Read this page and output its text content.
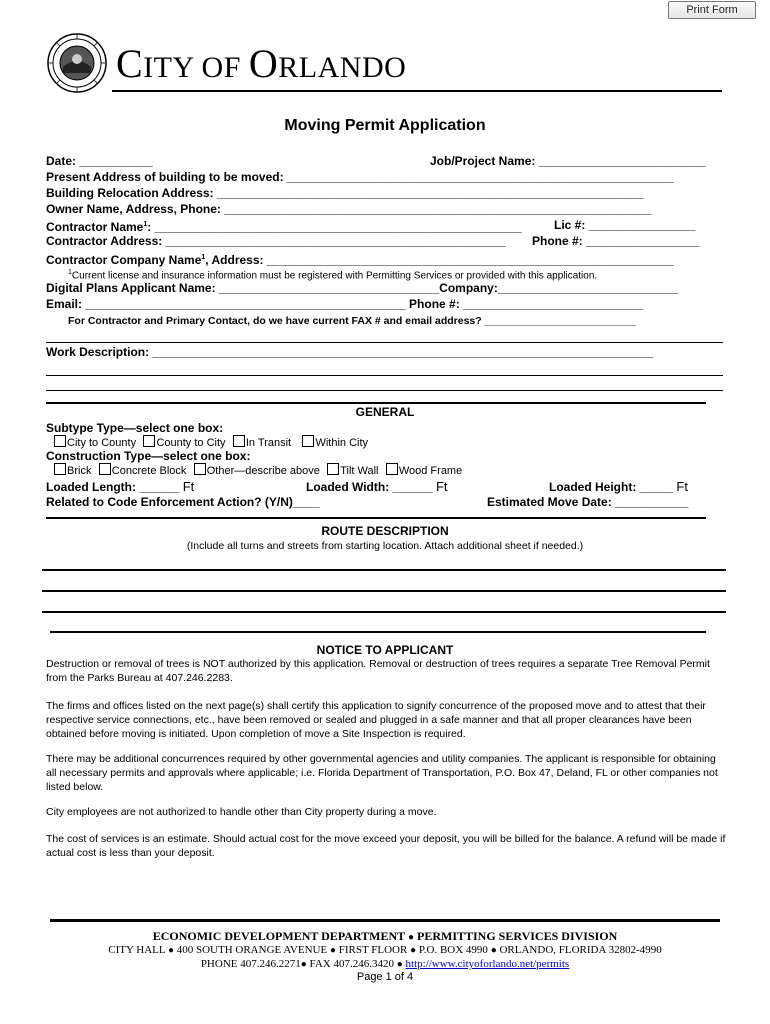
Print Form
CITY OF ORLANDO
Moving Permit Application
Date: ___________	Job/Project Name: _________________________
Present Address of building to be moved: __________________________________________________________
Building Relocation Address: ________________________________________________________________
Owner Name, Address, Phone: ________________________________________________________________
Contractor Name$^1$: _______________________________________________________	Lic #: ________________
Contractor Address: ___________________________________________________ Phone #: _________________
Contractor Company Name$^1$, Address: _____________________________________________________________
$^1$Current license and insurance information must be registered with Permitting Services or provided with this application.
Digital Plans Applicant Name: _________________________________Company:___________________________
Email: ________________________________________________ Phone #: ___________________________
For Contractor and Primary Contact, do we have current FAX # and email address? __________________________
Work Description: ___________________________________________________________________________
GENERAL
Subtype Type—select one box:
City to County County to City In Transit Within City
Construction Type—select one box:
Brick Concrete Block Other—describe above Tilt Wall Wood Frame
Loaded Length: ______ Ft	Loaded Width: ______ Ft	Loaded Height: _____ Ft
Related to Code Enforcement Action? (Y/N)____	Estimated Move Date: ___________
ROUTE DESCRIPTION
(Include all turns and streets from starting location. Attach additional sheet if needed.)
NOTICE TO APPLICANT
Destruction or removal of trees is NOT authorized by this application. Removal or destruction of trees requires a separate Tree Removal Permit from the Parks Bureau at 407.246.2283.
The firms and offices listed on the next page(s) shall certify this application to signify concurrence of the proposed move and to attest that their respective service connections, etc., have been removed or sealed and plugged in a safe manner and that all proper clearances have been obtained before moving is initiated. Upon completion of move a Site Inspection is required.
There may be additional concurrences required by other governmental agencies and utility companies. The applicant is responsible for obtaining all necessary permits and approvals where applicable; i.e. Florida Department of Transportation, P.O. Box 47, Deland, FL or other companies not listed below.
City employees are not authorized to handle other than City property during a move.
The cost of services is an estimate. Should actual cost for the move exceed your deposit, you will be billed for the balance. A refund will be made if actual cost is less than your deposit.
ECONOMIC DEVELOPMENT DEPARTMENT ● PERMITTING SERVICES DIVISION
CITY HALL ● 400 SOUTH ORANGE AVENUE ● FIRST FLOOR ● P.O. BOX 4990 ● ORLANDO, FLORIDA 32802-4990
PHONE 407.246.2271● FAX 407.246.3420 ● http://www.cityoforlando.net/permits
Page 1 of 4
